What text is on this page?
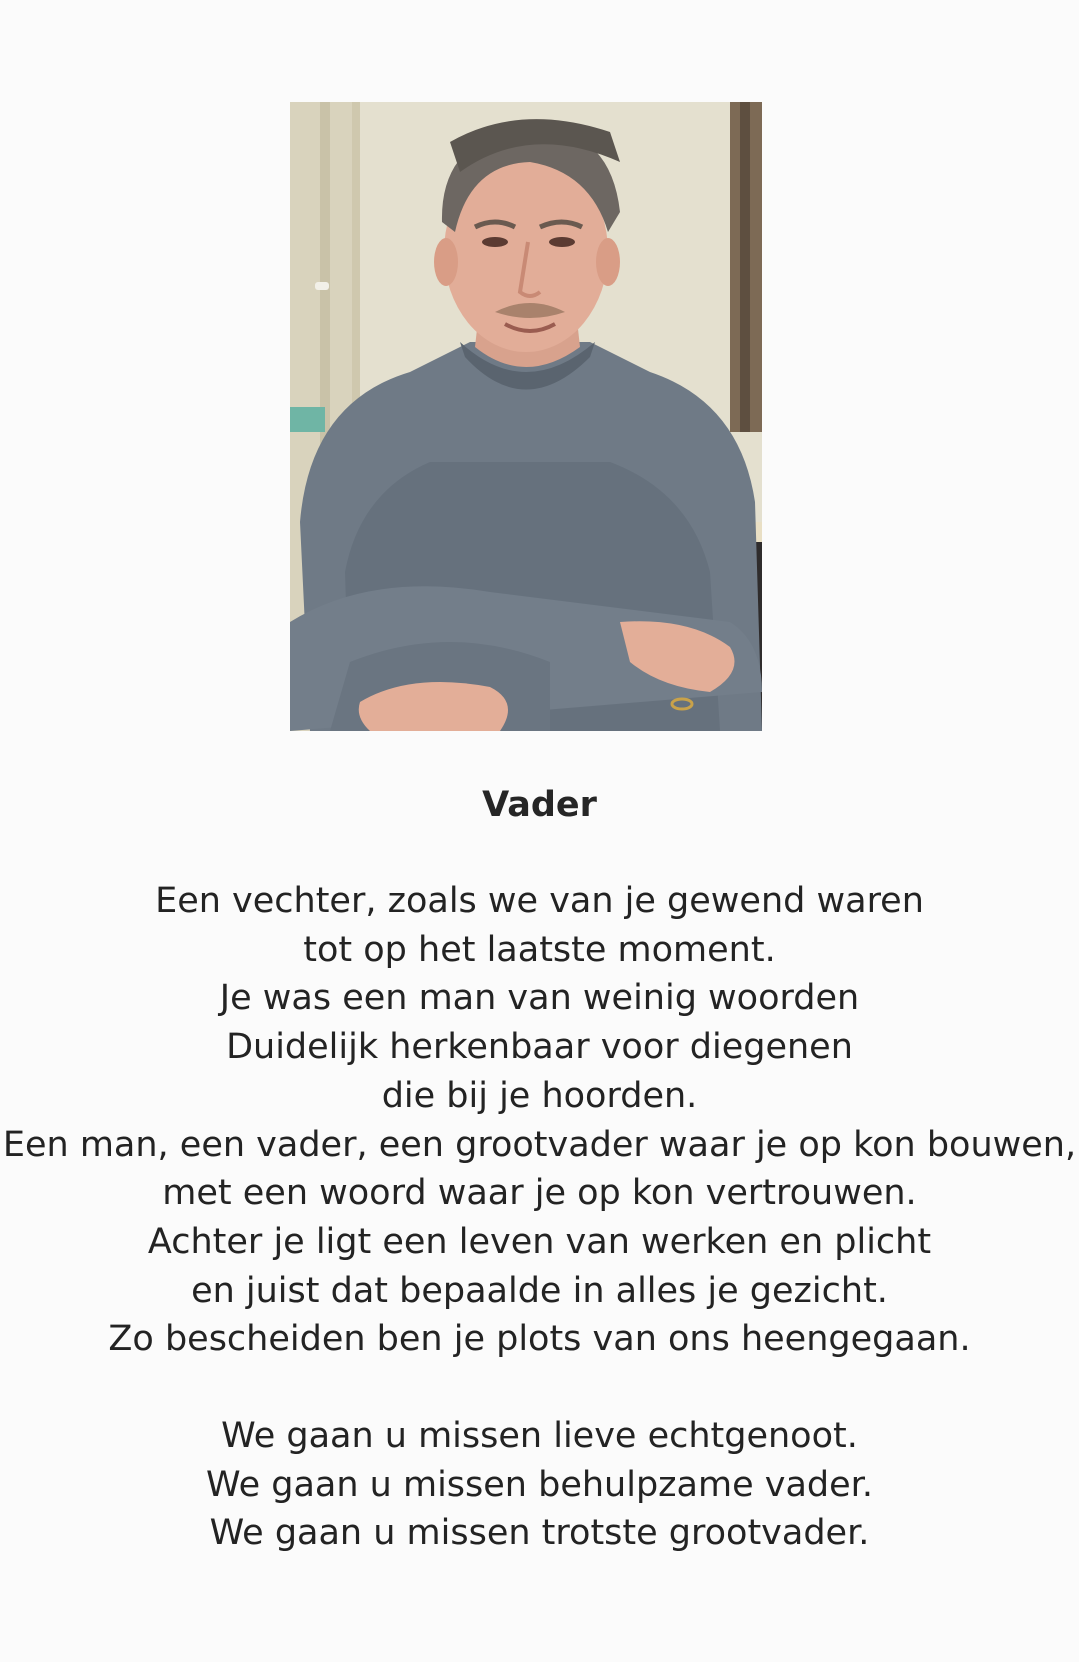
Vader
Een vechter, zoals we van je gewend waren
tot op het laatste moment.
Je was een man van weinig woorden
Duidelijk herkenbaar voor diegenen
die bij je hoorden.
Een man, een vader, een grootvader waar je op kon bouwen,
met een woord waar je op kon vertrouwen.
Achter je ligt een leven van werken en plicht
en juist dat bepaalde in alles je gezicht.
Zo bescheiden ben je plots van ons heengegaan.
We gaan u missen lieve echtgenoot.
We gaan u missen behulpzame vader.
We gaan u missen trotste grootvader.
